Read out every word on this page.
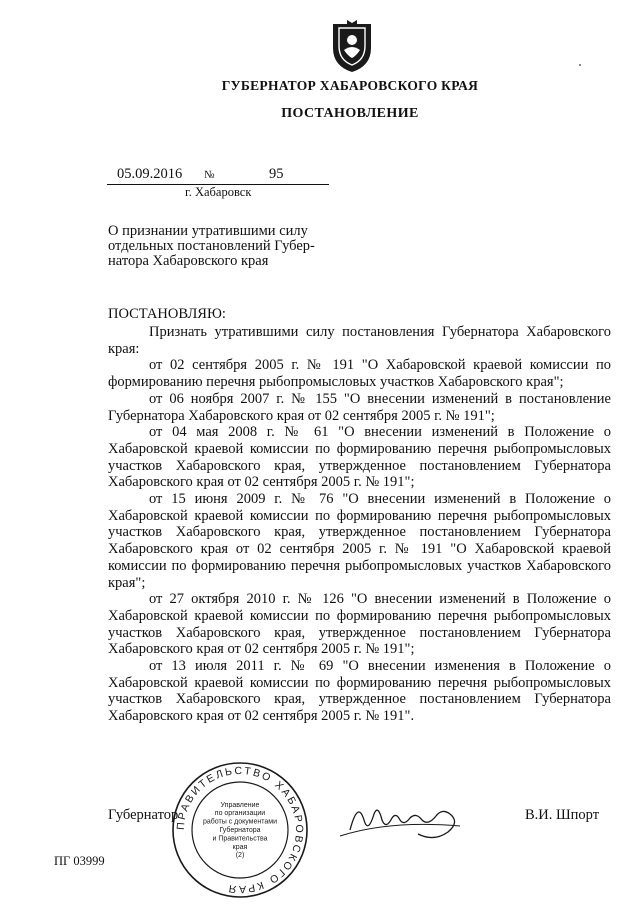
ГУБЕРНАТОР ХАБАРОВСКОГО КРАЯ
ПОСТАНОВЛЕНИЕ
05.09.2016 №	95
г. Хабаровск
О признании утратившими силу
отдельных постановлений Губер-
натора Хабаровского края
ПОСТАНОВЛЯЮ:

Признать утратившими силу постановления Губернатора Хабаровского края:

от 02 сентября 2005 г. № 191 "О Хабаровской краевой комиссии по формированию перечня рыбопромысловых участков Хабаровского края";

от 06 ноября 2007 г. № 155 "О внесении изменений в постановление Губернатора Хабаровского края от 02 сентября 2005 г. № 191";

от 04 мая 2008 г. № 61 "О внесении изменений в Положение о Хабаровской краевой комиссии по формированию перечня рыбопромысловых участков Хабаровского края, утвержденное постановлением Губернатора Хабаровского края от 02 сентября 2005 г. № 191";

от 15 июня 2009 г. № 76 "О внесении изменений в Положение о Хабаровской краевой комиссии по формированию перечня рыбопромысловых участков Хабаровского края, утвержденное постановлением Губернатора Хабаровского края от 02 сентября 2005 г. № 191 "О Хабаровской краевой комиссии по формированию перечня рыбопромысловых участков Хабаровского края";

от 27 октября 2010 г. № 126 "О внесении изменений в Положение о Хабаровской краевой комиссии по формированию перечня рыбопромысловых участков Хабаровского края, утвержденное постановлением Губернатора Хабаровского края от 02 сентября 2005 г. № 191";

от 13 июля 2011 г. № 69 "О внесении изменения в Положение о Хабаровской краевой комиссии по формированию перечня рыбопромысловых участков Хабаровского края, утвержденное постановлением Губернатора Хабаровского края от 02 сентября 2005 г. № 191".

ПРАВИТЕЛЬСТВО ХАБАРОВСКОГО КРАЯ
Управление
по организации
работы с документами
Губернатора
и Правительства
края
(2)
Губернатор	В.И. Шпорт
ПГ 03999
